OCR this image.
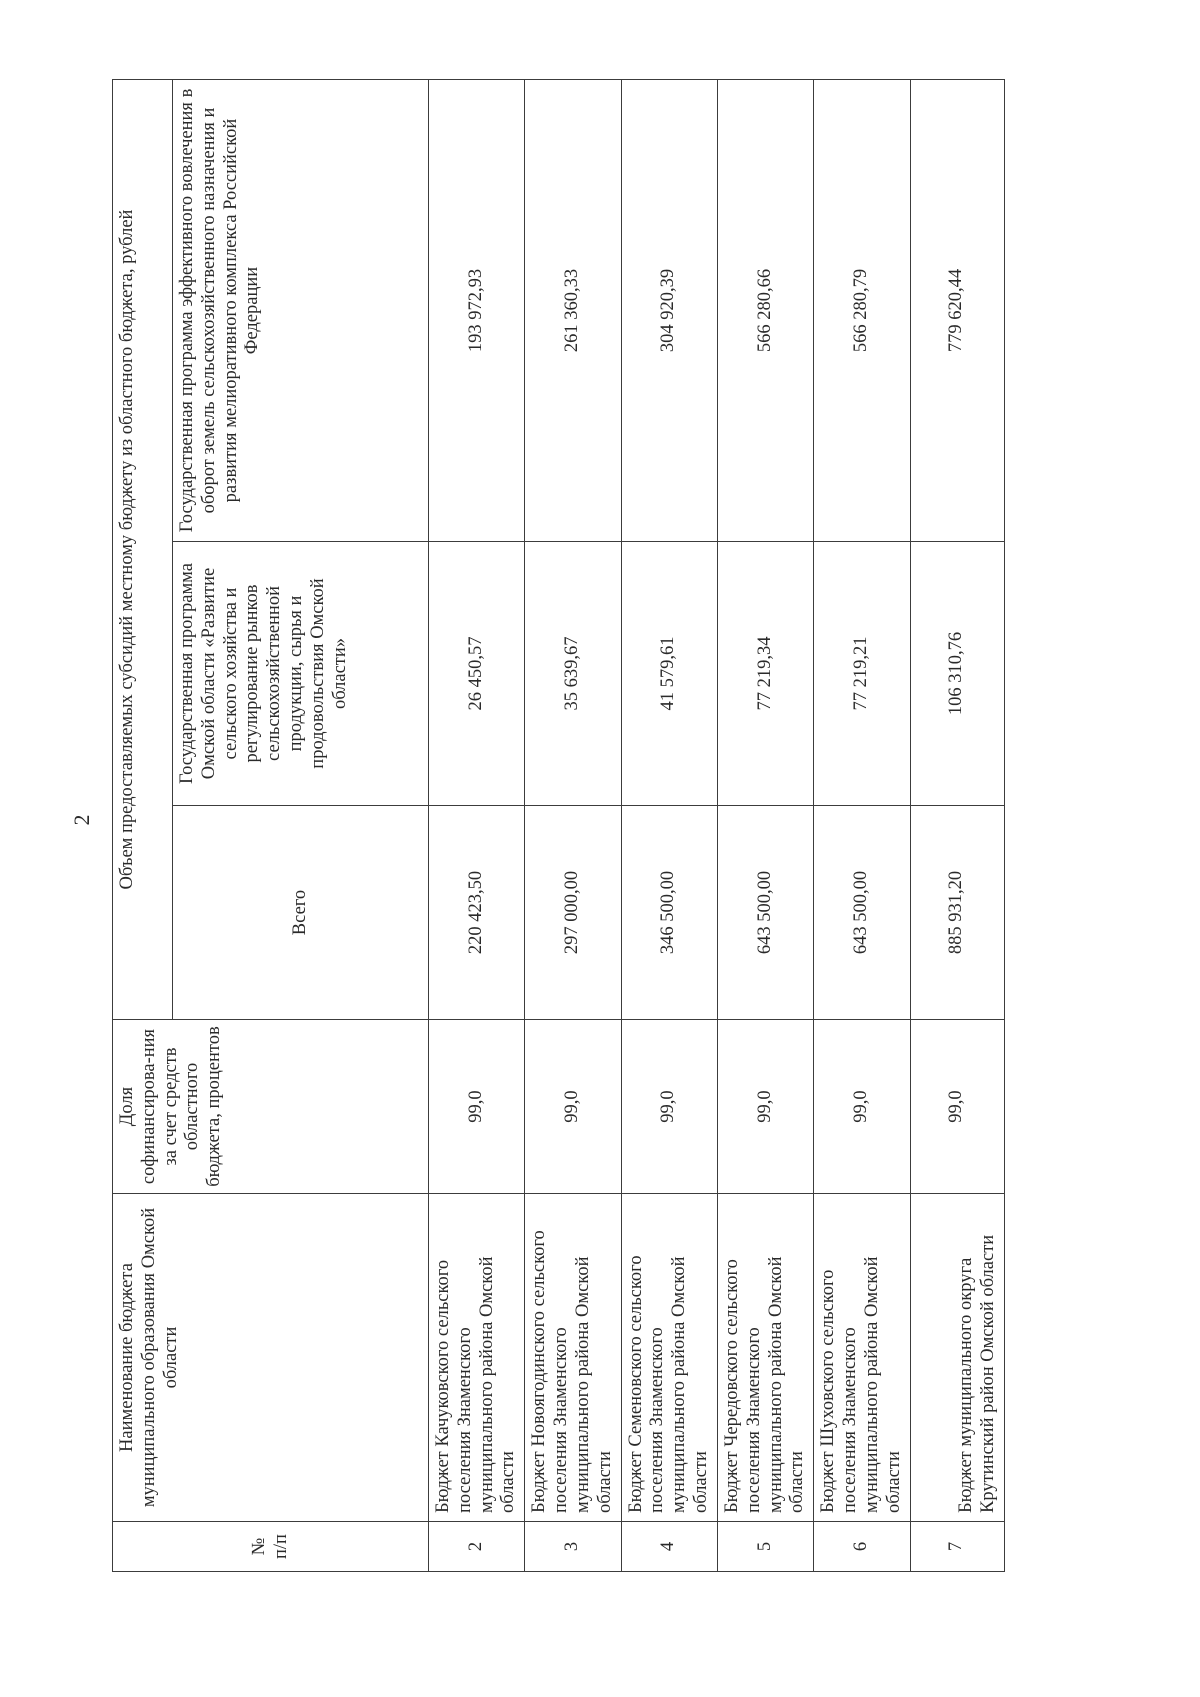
2
№ п/п	Наименование бюджета муниципального образования Омской области	Доля софинансирова-ния за счет средств областного бюджета, процентов	Объем предоставляемых субсидий местному бюджету из областного бюджета, рублей		
			Всего	Государственная программа Омской области «Развитие сельского хозяйства и регулирование рынков сельскохозяйственной продукции, сырья и продовольствия Омской области»	Государственная программа эффективного вовлечения в оборот земель сельскохозяйственного назначения и развития мелиоративного комплекса Российской Федерации
2	Бюджет Качуковского сельского поселения Знаменского муниципального района Омской области	99,0	220 423,50	26 450,57	193 972,93
3	Бюджет Новоягодинского сельского поселения Знаменского муниципального района Омской области	99,0	297 000,00	35 639,67	261 360,33
4	Бюджет Семеновского сельского поселения Знаменского муниципального района Омской области	99,0	346 500,00	41 579,61	304 920,39
5	Бюджет Чередовского сельского поселения Знаменского муниципального района Омской области	99,0	643 500,00	77 219,34	566 280,66
6	Бюджет Шуховского сельского поселения Знаменского муниципального района Омской области	99,0	643 500,00	77 219,21	566 280,79
7	Бюджет муниципального округа Крутинский район Омской области	99,0	885 931,20	106 310,76	779 620,44
